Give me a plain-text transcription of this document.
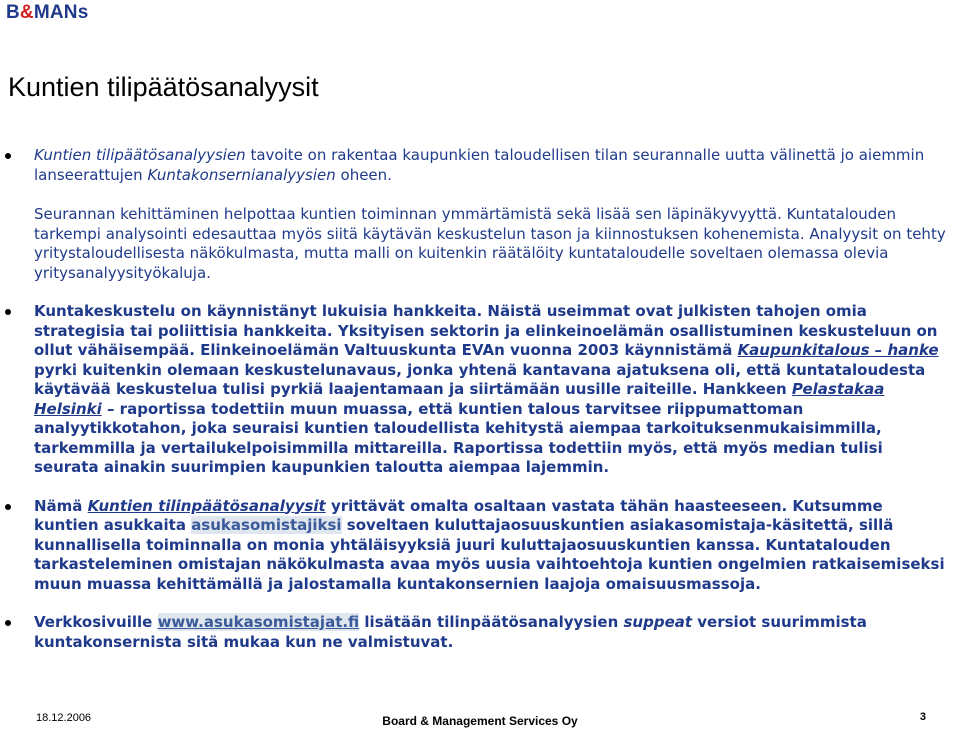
B&MANs
Kuntien tilipäätösanalyysit
Kuntien tilipäätösanalyysien tavoite on rakentaa kaupunkien taloudellisen tilan seurannalle uutta välinettä jo aiemmin lanseerattujen Kuntakonsernianalyysien oheen.
Seurannan kehittäminen helpottaa kuntien toiminnan ymmärtämistä sekä lisää sen läpinäkyvyyttä. Kuntatalouden tarkempi analysointi edesauttaa myös siitä käytävän keskustelun tason ja kiinnostuksen kohenemista. Analyysit on tehty yritystaloudellisesta näkökulmasta, mutta malli on kuitenkin räätälöity kuntataloudelle soveltaen olemassa olevia yritysanalyysityökaluja.
Kuntakeskustelu on käynnistänyt lukuisia hankkeita. Näistä useimmat ovat julkisten tahojen omia strategisia tai poliittisia hankkeita. Yksityisen sektorin ja elinkeinoelämän osallistuminen keskusteluun on ollut vähäisempää. Elinkeinoelämän Valtuuskunta EVAn vuonna 2003 käynnistämä Kaupunkitalous – hanke pyrki kuitenkin olemaan keskustelunavaus, jonka yhtenä kantavana ajatuksena oli, että kuntataloudesta käytävää keskustelua tulisi pyrkiä laajentamaan ja siirtämään uusille raiteille. Hankkeen Pelastakaa Helsinki – raportissa todettiin muun muassa, että kuntien talous tarvitsee riippumattoman analyytikkotahon, joka seuraisi kuntien taloudellista kehitystä aiempaa tarkoituksenmukaisimmilla, tarkemmilla ja vertailukelpoisimmilla mittareilla. Raportissa todettiin myös, että myös median tulisi seurata ainakin suurimpien kaupunkien taloutta aiempaa lajemmin.
Nämä Kuntien tilinpäätösanalyysit yrittävät omalta osaltaan vastata tähän haasteeseen. Kutsumme kuntien asukkaita asukasomistajiksi soveltaen kuluttajaosuuskuntien asiakasomistaja-käsitettä, sillä kunnallisella toiminnalla on monia yhtäläisyyksiä juuri kuluttajaosuuskuntien kanssa. Kuntatalouden tarkasteleminen omistajan näkökulmasta avaa myös uusia vaihtoehtoja kuntien ongelmien ratkaisemiseksi muun muassa kehittämällä ja jalostamalla kuntakonsernien laajoja omaisuusmassoja.
Verkkosivuille www.asukasomistajat.fi lisätään tilinpäätösanalyysien suppeat versiot suurimmista kuntakonsernista sitä mukaa kun ne valmistuvat.
18.12.2006	Board & Management Services Oy	3
